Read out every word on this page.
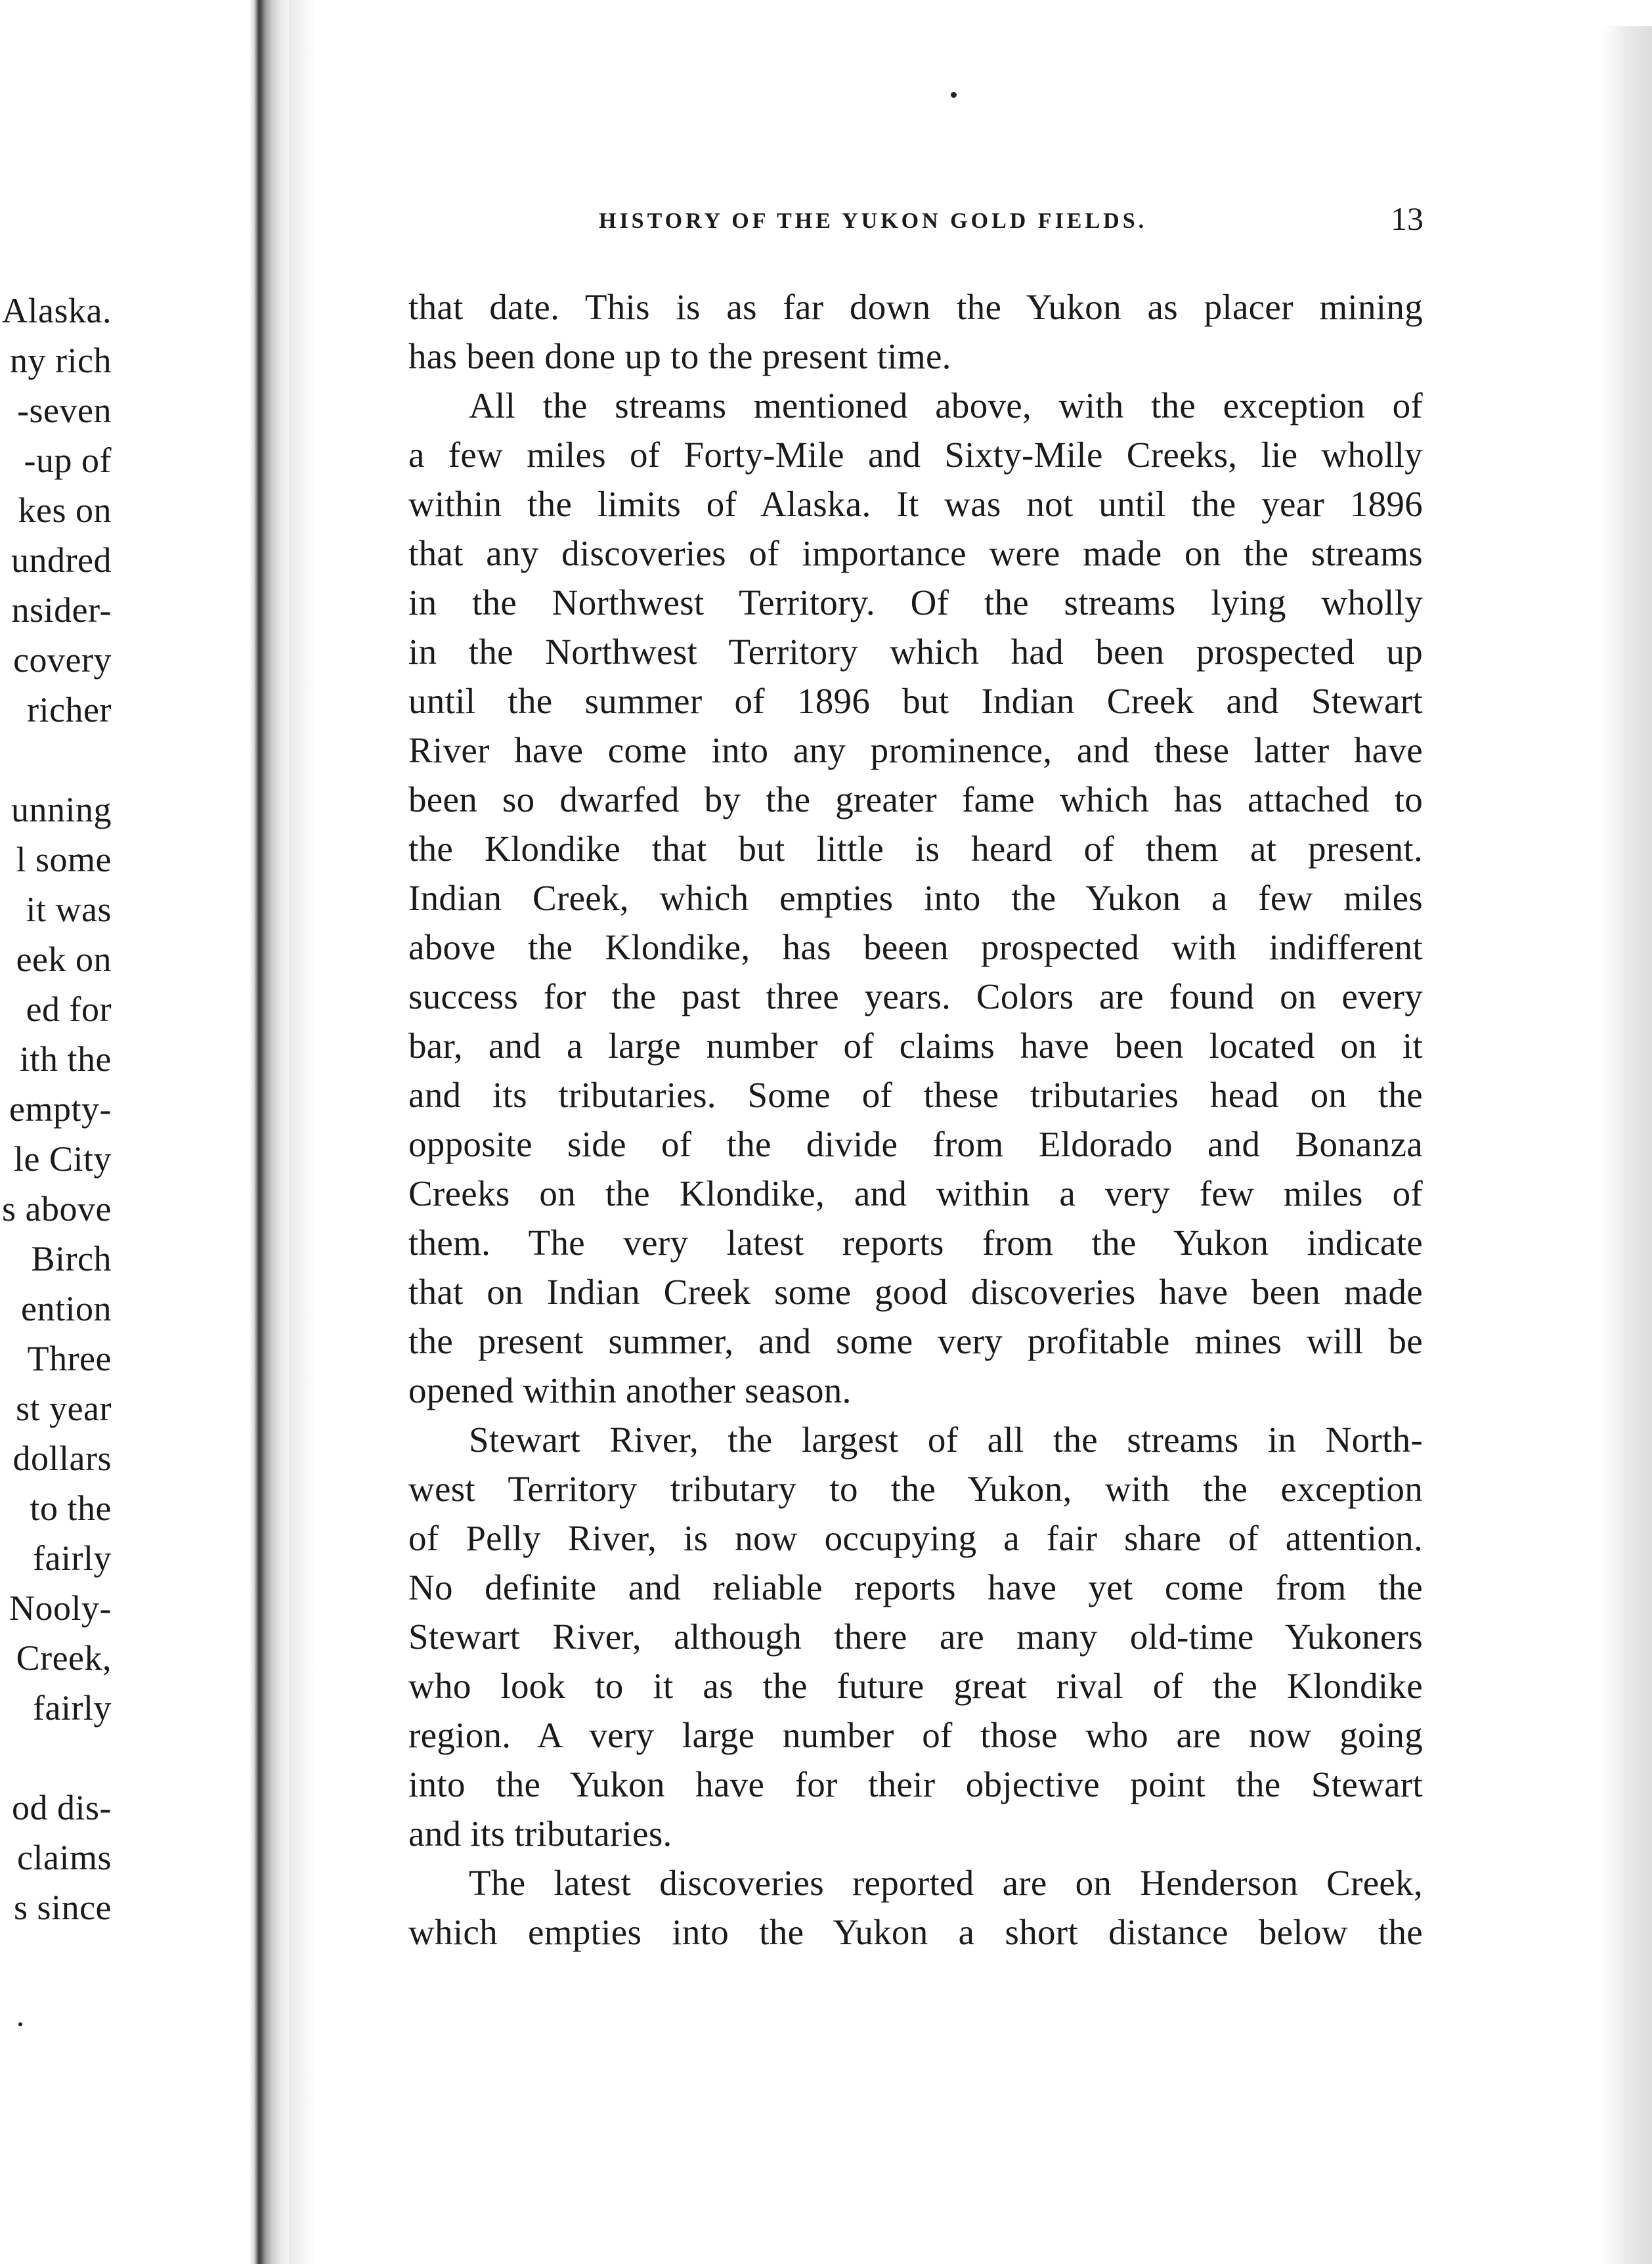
Alaska.
ny rich
-seven
-up of
kes on
undred
nsider-
covery
richer
unning
l some
it was
eek on
ed for
ith the
empty-
le City
s above
Birch
ention
Three
st year
dollars
to the
fairly
Nooly-
Creek,
fairly
od dis-
claims
s since
HISTORY OF THE YUKON GOLD FIELDS.	13
that date. This is as far down the Yukon as placer mining
has been done up to the present time.
All the streams mentioned above, with the exception of
a few miles of Forty-Mile and Sixty-Mile Creeks, lie wholly
within the limits of Alaska. It was not until the year 1896
that any discoveries of importance were made on the streams
in the Northwest Territory. Of the streams lying wholly
in the Northwest Territory which had been prospected up
until the summer of 1896 but Indian Creek and Stewart
River have come into any prominence, and these latter have
been so dwarfed by the greater fame which has attached to
the Klondike that but little is heard of them at present.
Indian Creek, which empties into the Yukon a few miles
above the Klondike, has beeen prospected with indifferent
success for the past three years. Colors are found on every
bar, and a large number of claims have been located on it
and its tributaries. Some of these tributaries head on the
opposite side of the divide from Eldorado and Bonanza
Creeks on the Klondike, and within a very few miles of
them. The very latest reports from the Yukon indicate
that on Indian Creek some good discoveries have been made
the present summer, and some very profitable mines will be
opened within another season.
Stewart River, the largest of all the streams in North-
west Territory tributary to the Yukon, with the exception
of Pelly River, is now occupying a fair share of attention.
No definite and reliable reports have yet come from the
Stewart River, although there are many old-time Yukoners
who look to it as the future great rival of the Klondike
region. A very large number of those who are now going
into the Yukon have for their objective point the Stewart
and its tributaries.
The latest discoveries reported are on Henderson Creek,
which empties into the Yukon a short distance below the
